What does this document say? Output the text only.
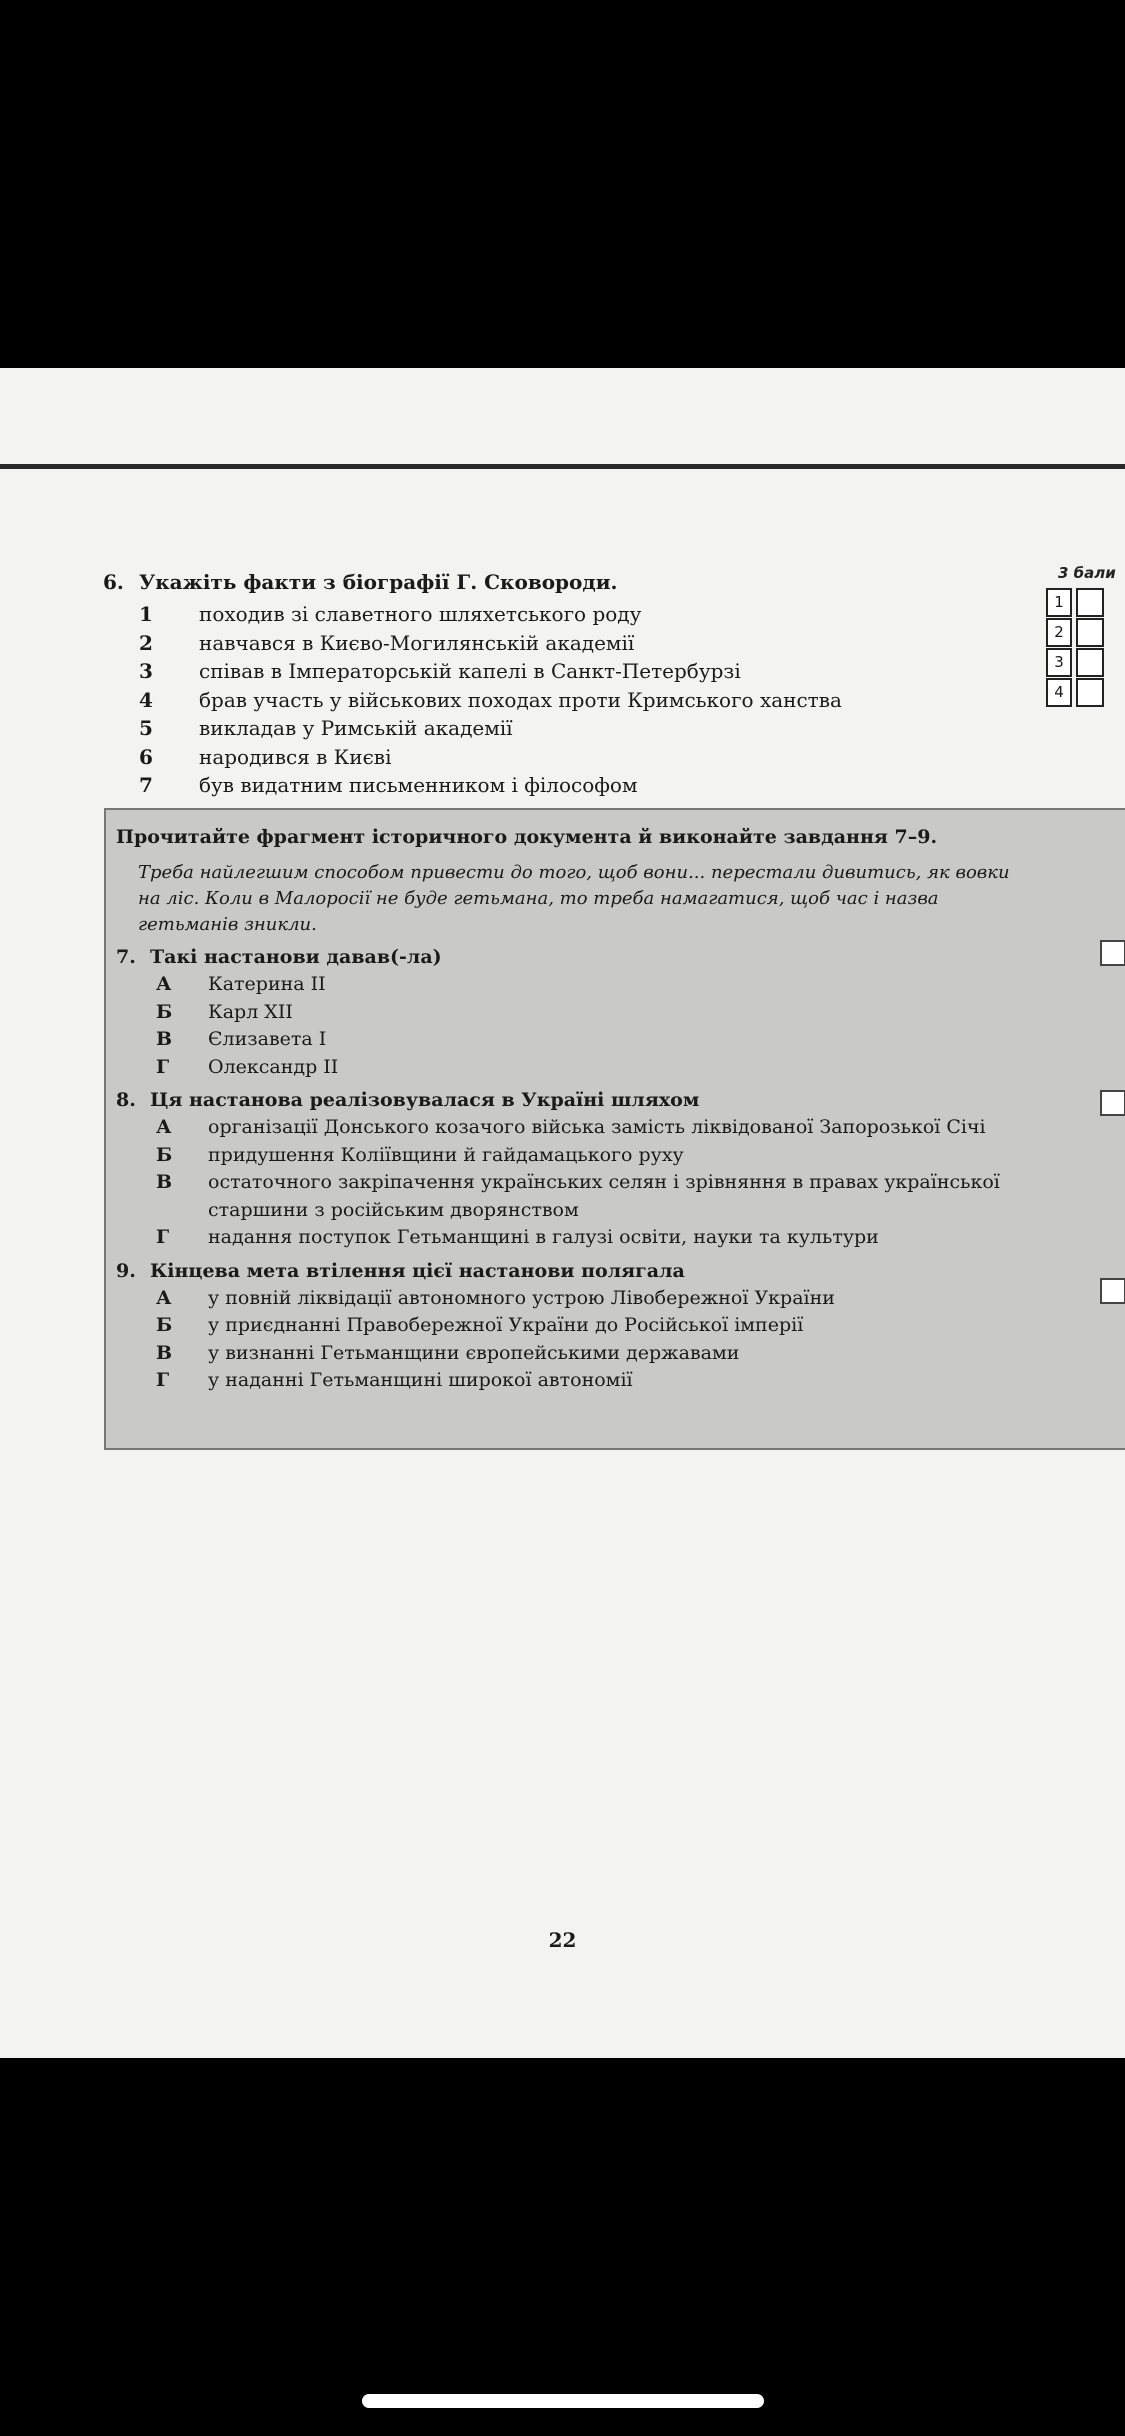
6. Укажіть факти з біографії Г. Сковороди.
1 походив зі славетного шляхетського роду
2 навчався в Києво-Могилянській академії
3 співав в Імператорській капелі в Санкт-Петербурзі
4 брав участь у військових походах проти Кримського ханства
5 викладав у Римській академії
6 народився в Києві
7 був видатним письменником і філософом
3 бали
1
2
3
4
Прочитайте фрагмент історичного документа й виконайте завдання 7–9.
Треба найлегшим способом привести до того, щоб вони... перестали дивитись, як вовки на ліс. Коли в Малоросії не буде гетьмана, то треба намагатися, щоб час і назва гетьманів зникли.
7. Такі настанови давав(-ла)
А Катерина ІІ
Б Карл ХІІ
В Єлизавета І
Г Олександр ІІ
8. Ця настанова реалізовувалася в Україні шляхом
А організації Донського козачого війська замість ліквідованої Запорозької Січі
Б придушення Коліївщини й гайдамацького руху
В остаточного закріпачення українських селян і зрівняння в правах української старшини з російським дворянством
Г надання поступок Гетьманщині в галузі освіти, науки та культури
9. Кінцева мета втілення цієї настанови полягала
А у повній ліквідації автономного устрою Лівобережної України
Б у приєднанні Правобережної України до Російської імперії
В у визнанні Гетьманщини європейськими державами
Г у наданні Гетьманщині широкої автономії
22
